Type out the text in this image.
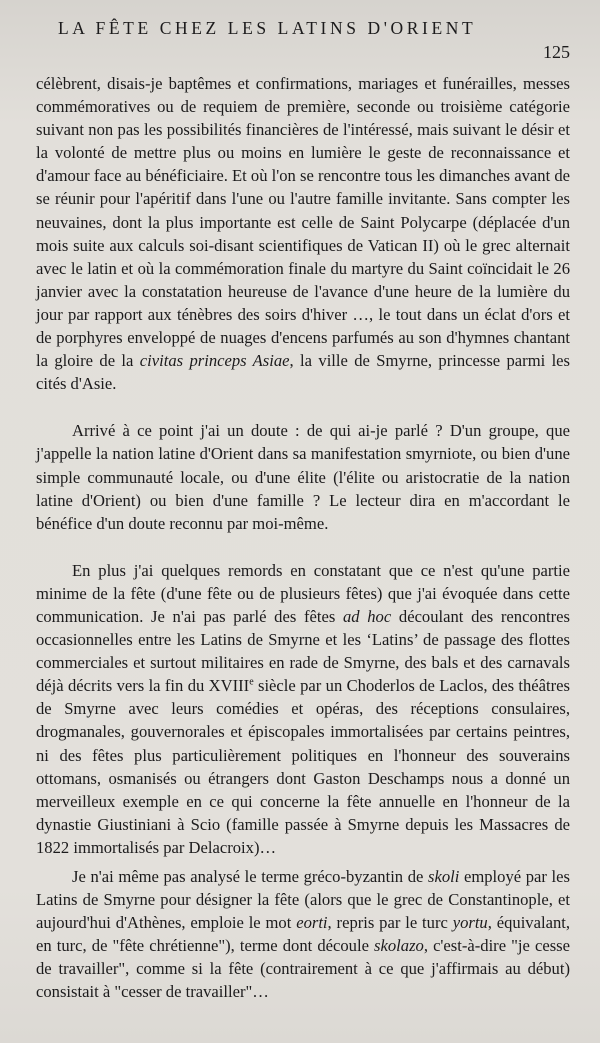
LA FÊTE CHEZ LES LATINS D'ORIENT
125

célèbrent, disais-je baptêmes et confirmations, mariages et funérailles, messes commémoratives ou de requiem de première, seconde ou troisième catégorie suivant non pas les possibilités financières de l'intéressé, mais suivant le désir et la volonté de mettre plus ou moins en lumière le geste de reconnaissance et d'amour face au bénéficiaire. Et où l'on se rencontre tous les dimanches avant de se réunir pour l'apéritif dans l'une ou l'autre famille invitante. Sans compter les neuvaines, dont la plus importante est celle de Saint Polycarpe (déplacée d'un mois suite aux calculs soi-disant scientifiques de Vatican II) où le grec alternait avec le latin et où la commémoration finale du martyre du Saint coïncidait le 26 janvier avec la constatation heureuse de l'avance d'une heure de la lumière du jour par rapport aux ténèbres des soirs d'hiver …, le tout dans un éclat d'ors et de porphyres enveloppé de nuages d'encens parfumés au son d'hymnes chantant la gloire de la civitas princeps Asiae, la ville de Smyrne, princesse parmi les cités d'Asie.

Arrivé à ce point j'ai un doute : de qui ai-je parlé ? D'un groupe, que j'appelle la nation latine d'Orient dans sa manifestation smyrniote, ou bien d'une simple communauté locale, ou d'une élite (l'élite ou aristocratie de la nation latine d'Orient) ou bien d'une famille ? Le lecteur dira en m'accordant le bénéfice d'un doute reconnu par moi-même.

En plus j'ai quelques remords en constatant que ce n'est qu'une partie minime de la fête (d'une fête ou de plusieurs fêtes) que j'ai évoquée dans cette communication. Je n'ai pas parlé des fêtes ad hoc découlant des rencontres occasionnelles entre les Latins de Smyrne et les ‘Latins’ de passage des flottes commerciales et surtout militaires en rade de Smyrne, des bals et des carnavals déjà décrits vers la fin du XVIIIe siècle par un Choderlos de Laclos, des théâtres de Smyrne avec leurs comédies et opéras, des réceptions consulaires, drogmanales, gouvernorales et épiscopales immortalisées par certains peintres, ni des fêtes plus particulièrement politiques en l'honneur des souverains ottomans, osmanisés ou étrangers dont Gaston Deschamps nous a donné un merveilleux exemple en ce qui concerne la fête annuelle en l'honneur de la dynastie Giustiniani à Scio (famille passée à Smyrne depuis les Massacres de 1822 immortalisés par Delacroix)…

Je n'ai même pas analysé le terme gréco-byzantin de skoli employé par les Latins de Smyrne pour désigner la fête (alors que le grec de Constantinople, et aujourd'hui d'Athènes, emploie le mot eorti, repris par le turc yortu, équivalant, en turc, de "fête chrétienne"), terme dont découle skolazo, c'est-à-dire "je cesse de travailler", comme si la fête (contrairement à ce que j'affirmais au début) consistait à "cesser de travailler"…
